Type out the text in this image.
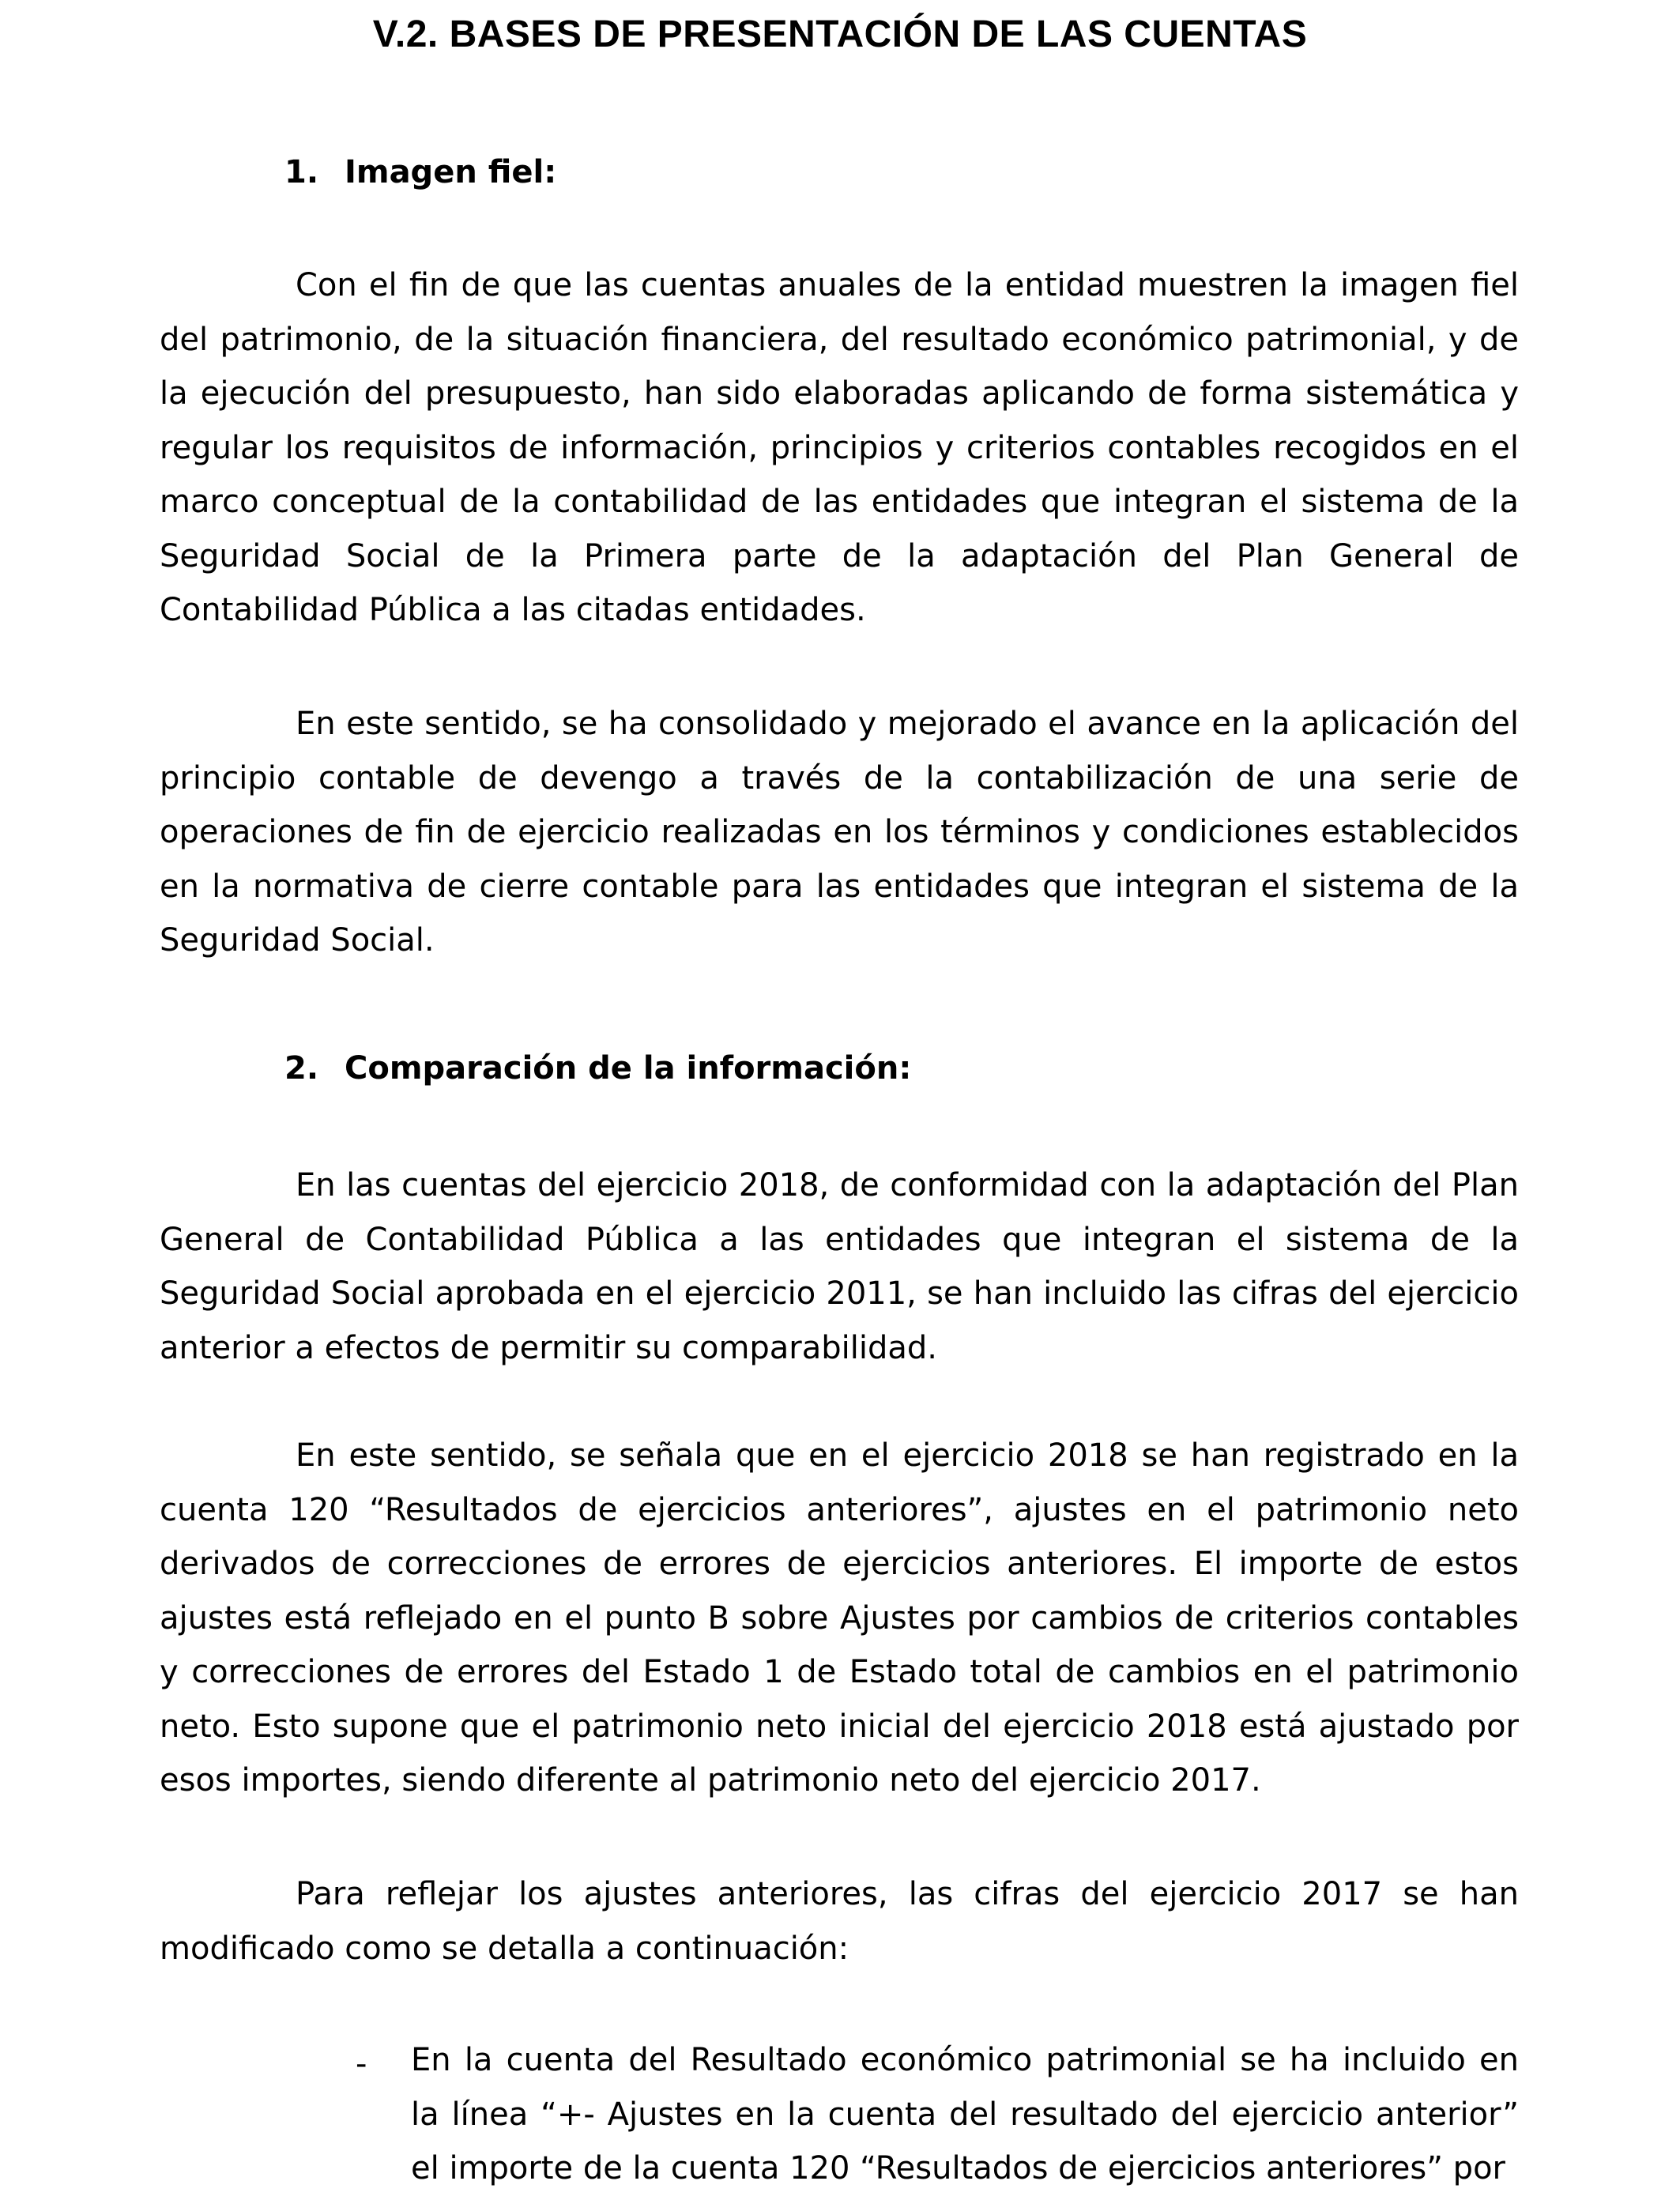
V.2. BASES DE PRESENTACIÓN DE LAS CUENTAS
1. Imagen fiel:

Con el fin de que las cuentas anuales de la entidad muestren la imagen fiel del patrimonio, de la situación financiera, del resultado económico patrimonial, y de la ejecución del presupuesto, han sido elaboradas aplicando de forma sistemática y regular los requisitos de información, principios y criterios contables recogidos en el marco conceptual de la contabilidad de las entidades que integran el sistema de la Seguridad Social de la Primera parte de la adaptación del Plan General de Contabilidad Pública a las citadas entidades.

En este sentido, se ha consolidado y mejorado el avance en la aplicación del principio contable de devengo a través de la contabilización de una serie de operaciones de fin de ejercicio realizadas en los términos y condiciones establecidos en la normativa de cierre contable para las entidades que integran el sistema de la Seguridad Social.

2. Comparación de la información:

En las cuentas del ejercicio 2018, de conformidad con la adaptación del Plan General de Contabilidad Pública a las entidades que integran el sistema de la Seguridad Social aprobada en el ejercicio 2011, se han incluido las cifras del ejercicio anterior a efectos de permitir su comparabilidad.

En este sentido, se señala que en el ejercicio 2018 se han registrado en la cuenta 120 “Resultados de ejercicios anteriores”, ajustes en el patrimonio neto derivados de correcciones de errores de ejercicios anteriores. El importe de estos ajustes está reflejado en el punto B sobre Ajustes por cambios de criterios contables y correcciones de errores del Estado 1 de Estado total de cambios en el patrimonio neto. Esto supone que el patrimonio neto inicial del ejercicio 2018 está ajustado por esos importes, siendo diferente al patrimonio neto del ejercicio 2017.

Para reflejar los ajustes anteriores, las cifras del ejercicio 2017 se han modificado como se detalla a continuación:

- En la cuenta del Resultado económico patrimonial se ha incluido en la línea “+- Ajustes en la cuenta del resultado del ejercicio anterior” el importe de la cuenta 120 “Resultados de ejercicios anteriores” por
